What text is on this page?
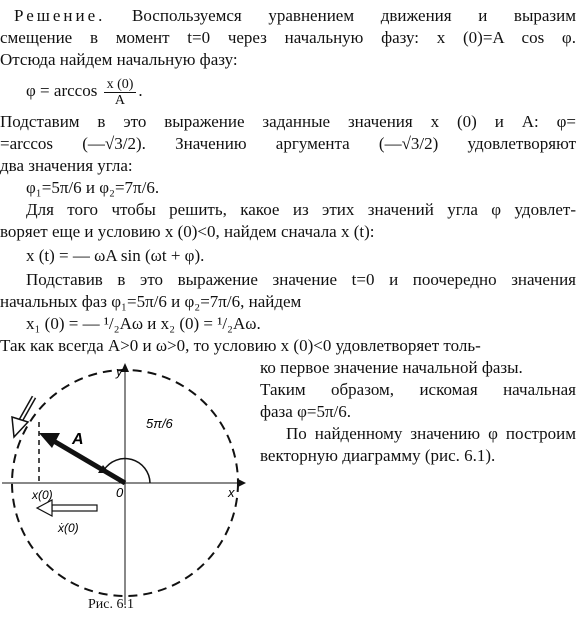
Решение. Воспользуемся уравнением движения и выразим
смещение в момент t=0 через начальную фазу: x (0)=A cos φ.
Отсюда найдем начальную фазу:
$\varphi = \arccos \frac{x (0)}{A}$ .
Подставим в это выражение заданные значения x (0) и A: φ=
=arccos (—√3/2). Значению аргумента (—√3/2) удовлетворяют
два значения угла:
φ₁=5π/6 и φ₂=7π/6.
Для того чтобы решить, какое из этих значений угла φ удовлет-
воряет еще и условию x (0)<0, найдем сначала x (t):
x (t) = — ωA sin (ωt + φ).
Подставив в это выражение значение t=0 и поочередно значения
начальных фаз φ₁=5π/6 и φ₂=7π/6, найдем
x₁ (0) = — ¹/₂Aω и x₂ (0) = ¹/₂Aω.
Так как всегда A>0 и ω>0, то условию x (0)<0 удовлетворяет толь-
ко первое значение начальной фазы.
Таким образом, искомая начальная
фаза φ=5π/6.
По найденному значению φ построим
векторную диаграмму (рис. 6.1).
y
x
0
A
5π/6
x(0)
ẋ(0)
Рис. 6.1
